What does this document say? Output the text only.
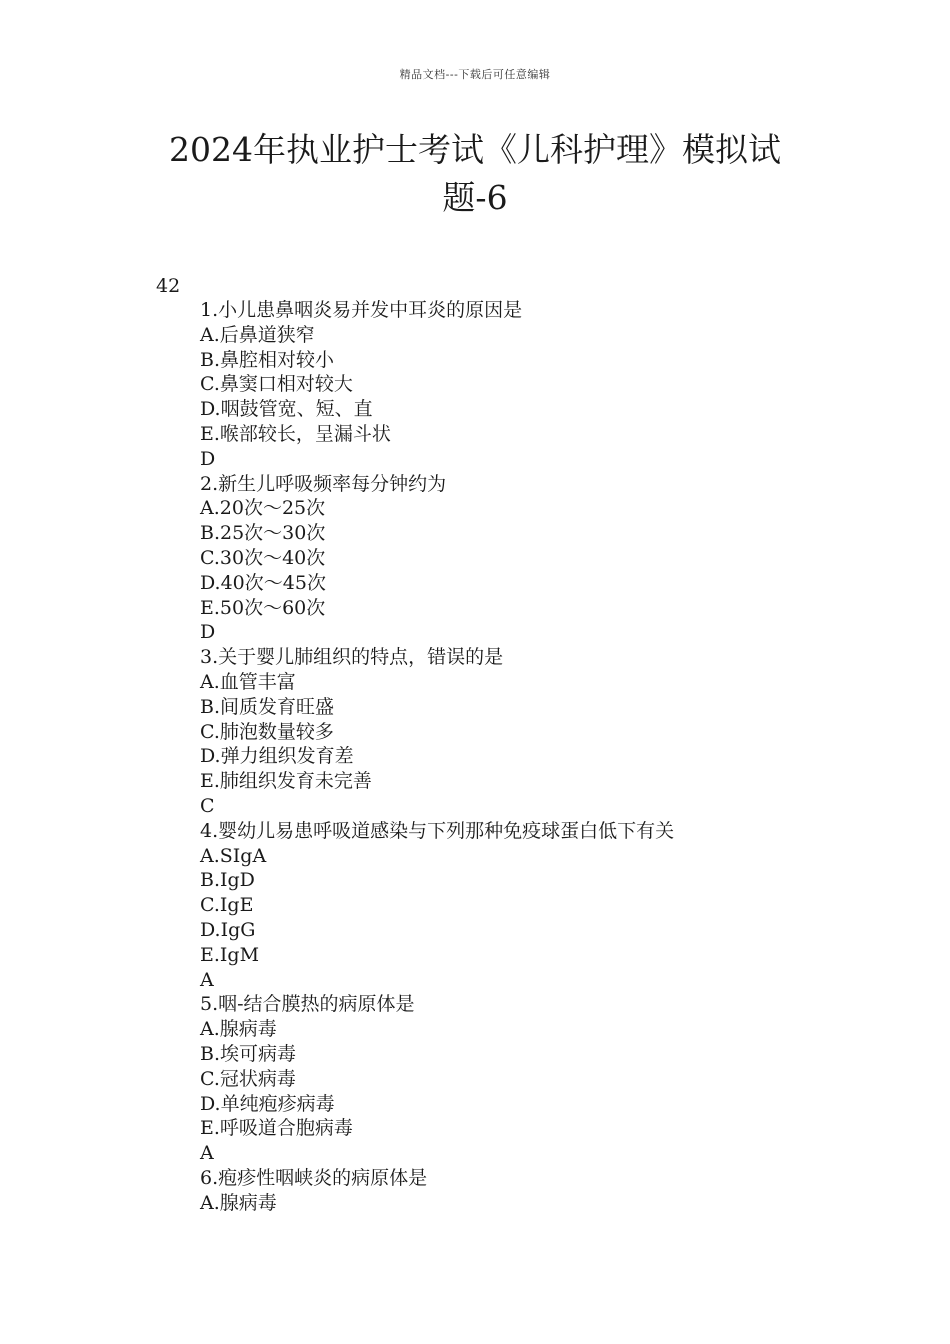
精品文档---下载后可任意编辑
2024年执业护士考试《儿科护理》模拟试
题-6
42
1.小儿患鼻咽炎易并发中耳炎的原因是
A.后鼻道狭窄
B.鼻腔相对较小
C.鼻窦口相对较大
D.咽鼓管宽、短、直
E.喉部较长，呈漏斗状
D
2.新生儿呼吸频率每分钟约为
A.20次～25次
B.25次～30次
C.30次～40次
D.40次～45次
E.50次～60次
D
3.关于婴儿肺组织的特点，错误的是
A.血管丰富
B.间质发育旺盛
C.肺泡数量较多
D.弹力组织发育差
E.肺组织发育未完善
C
4.婴幼儿易患呼吸道感染与下列那种免疫球蛋白低下有关
A.SIgA
B.IgD
C.IgE
D.IgG
E.IgM
A
5.咽-结合膜热的病原体是
A.腺病毒
B.埃可病毒
C.冠状病毒
D.单纯疱疹病毒
E.呼吸道合胞病毒
A
6.疱疹性咽峡炎的病原体是
A.腺病毒
